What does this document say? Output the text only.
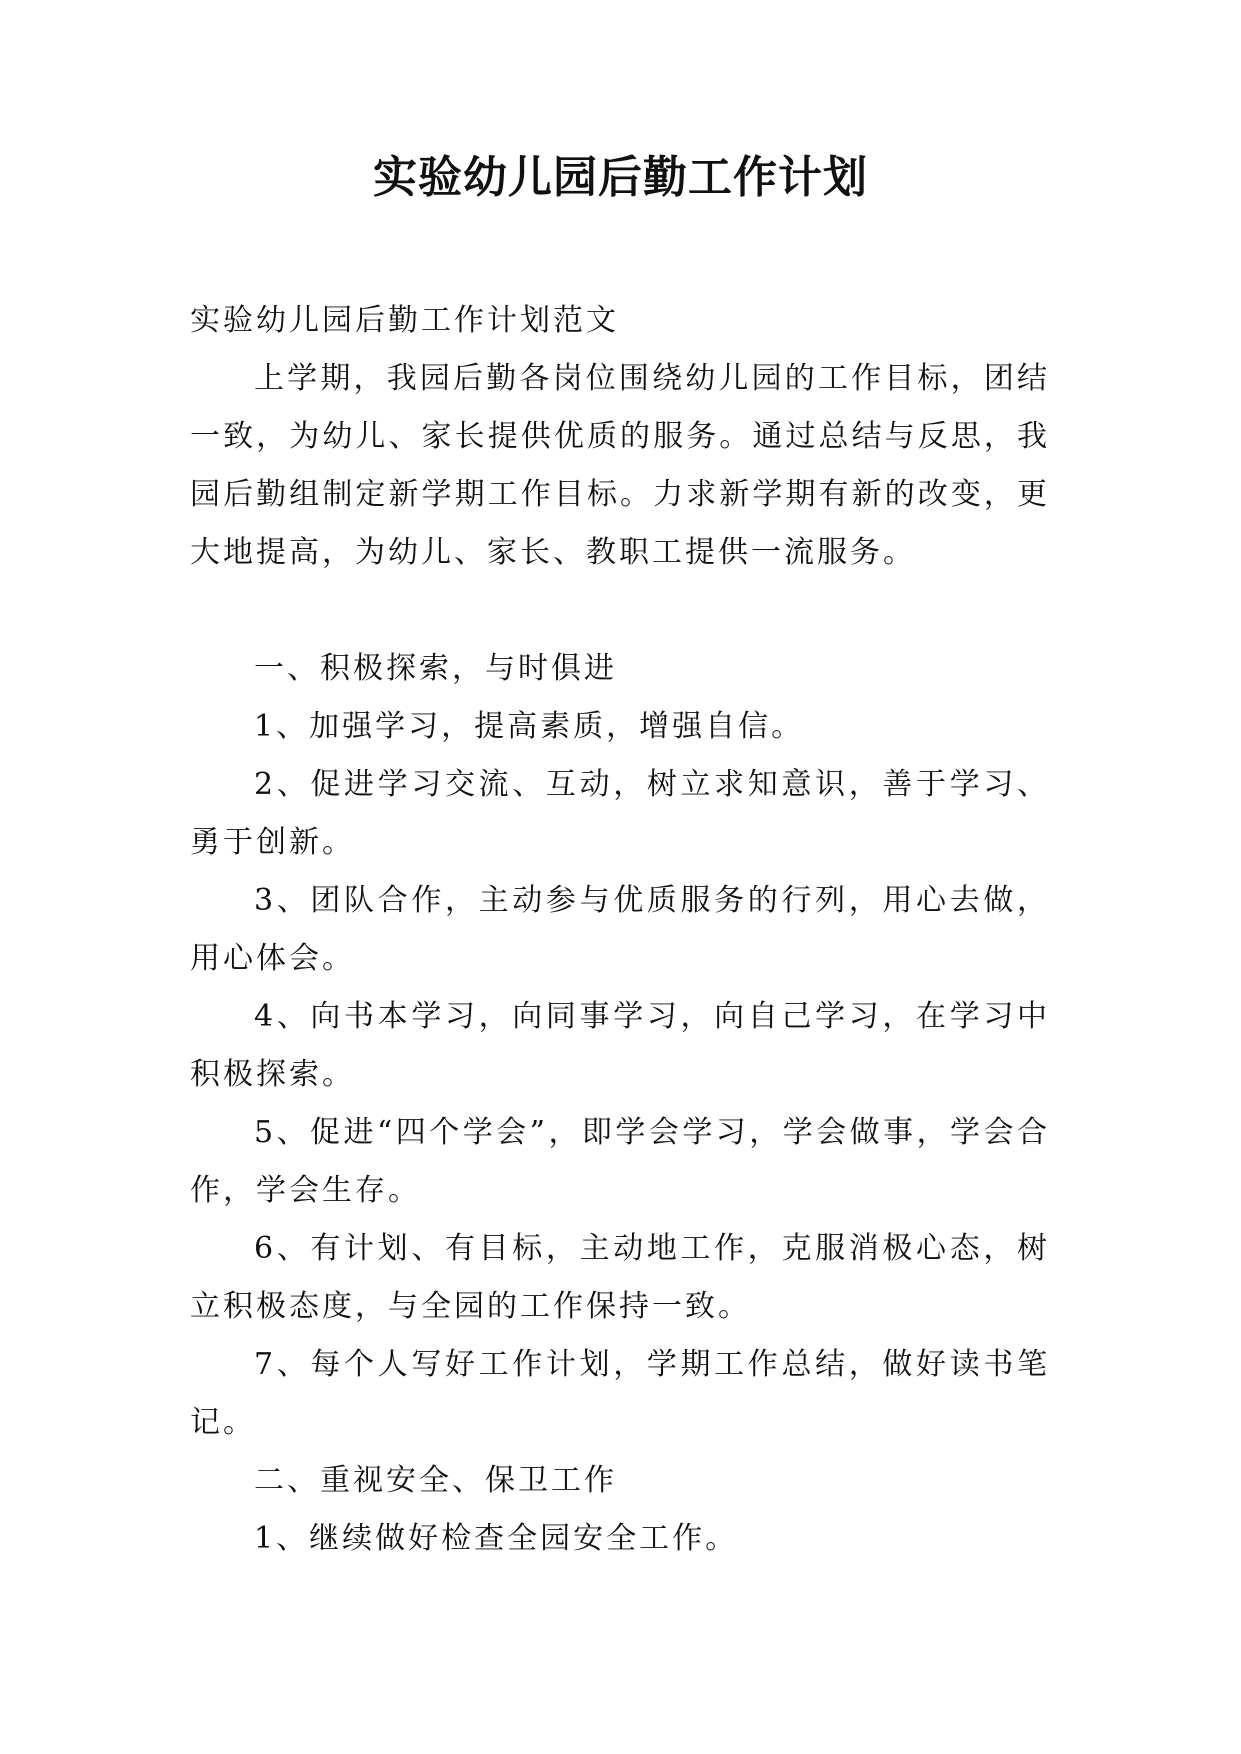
实验幼儿园后勤工作计划

实验幼儿园后勤工作计划范文

上学期，我园后勤各岗位围绕幼儿园的工作目标，团结一致，为幼儿、家长提供优质的服务。通过总结与反思，我园后勤组制定新学期工作目标。力求新学期有新的改变，更大地提高，为幼儿、家长、教职工提供一流服务。

一、积极探索，与时俱进

1、加强学习，提高素质，增强自信。

2、促进学习交流、互动，树立求知意识，善于学习、勇于创新。

3、团队合作，主动参与优质服务的行列，用心去做，用心体会。

4、向书本学习，向同事学习，向自己学习，在学习中积极探索。

5、促进“四个学会”，即学会学习，学会做事，学会合作，学会生存。

6、有计划、有目标，主动地工作，克服消极心态，树立积极态度，与全园的工作保持一致。

7、每个人写好工作计划，学期工作总结，做好读书笔记。

二、重视安全、保卫工作

1、继续做好检查全园安全工作。
